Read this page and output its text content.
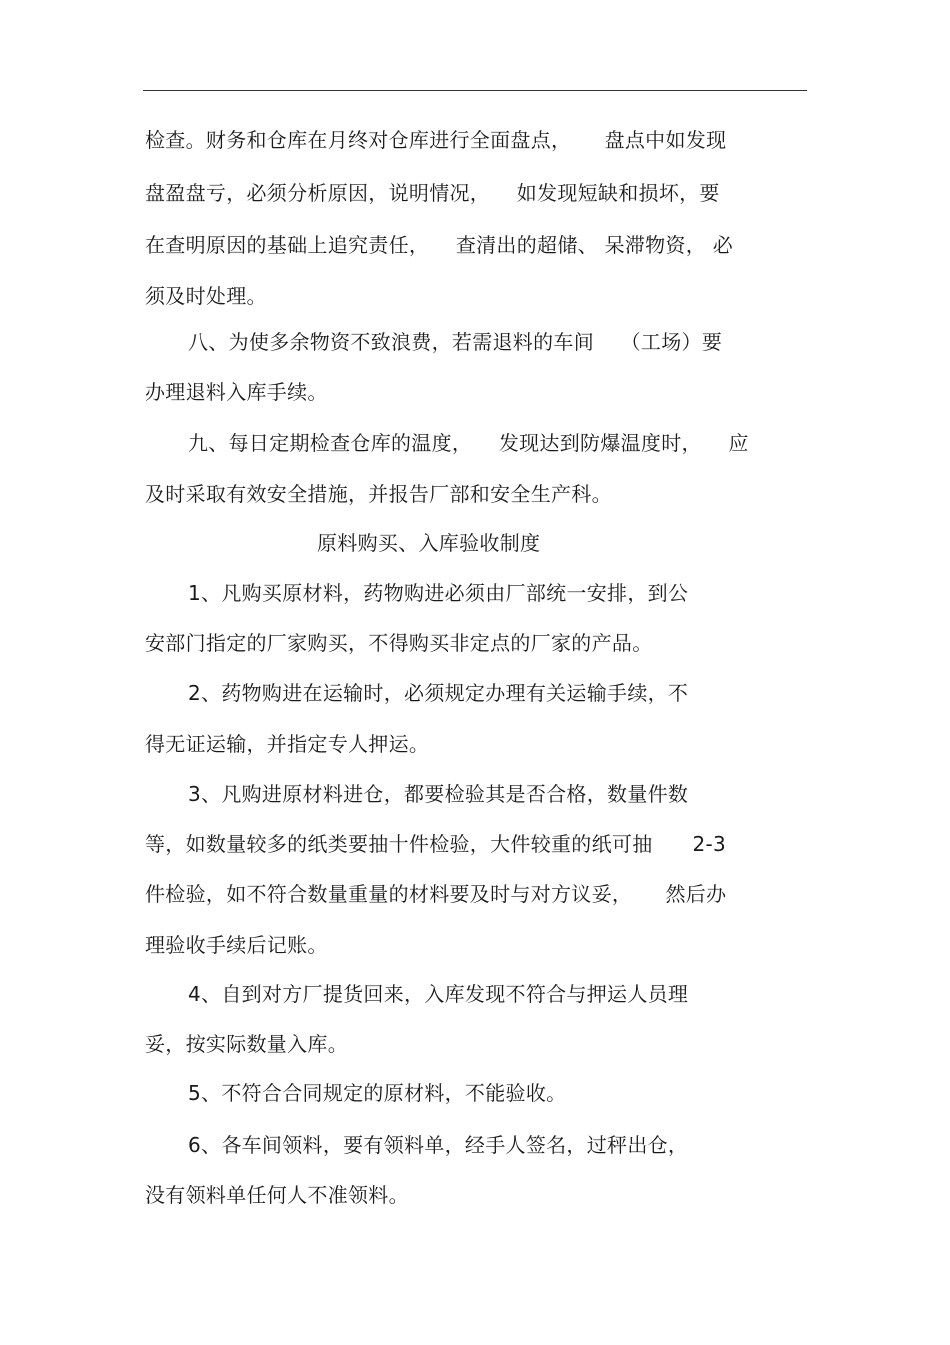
检查。财务和仓库在月终对仓库进行全面盘点，     盘点中如发现
盘盈盘亏，必须分析原因，说明情况，    如发现短缺和损坏，要
在查明原因的基础上追究责任，    查清出的超储、 呆滞物资， 必
须及时处理。
八、为使多余物资不致浪费，若需退料的车间    （工场）要
办理退料入库手续。
九、每日定期检查仓库的温度，    发现达到防爆温度时，    应
及时采取有效安全措施，并报告厂部和安全生产科。
原料购买、入库验收制度
1、凡购买原材料，药物购进必须由厂部统一安排，到公
安部门指定的厂家购买，不得购买非定点的厂家的产品。
2、药物购进在运输时，必须规定办理有关运输手续，不
得无证运输，并指定专人押运。
3、凡购进原材料进仓，都要检验其是否合格，数量件数
等，如数量较多的纸类要抽十件检验，大件较重的纸可抽      2-3
件检验，如不符合数量重量的材料要及时与对方议妥，     然后办
理验收手续后记账。
4、自到对方厂提货回来，入库发现不符合与押运人员理
妥，按实际数量入库。
5、不符合合同规定的原材料，不能验收。
6、各车间领料，要有领料单，经手人签名，过秤出仓，
没有领料单任何人不准领料。
